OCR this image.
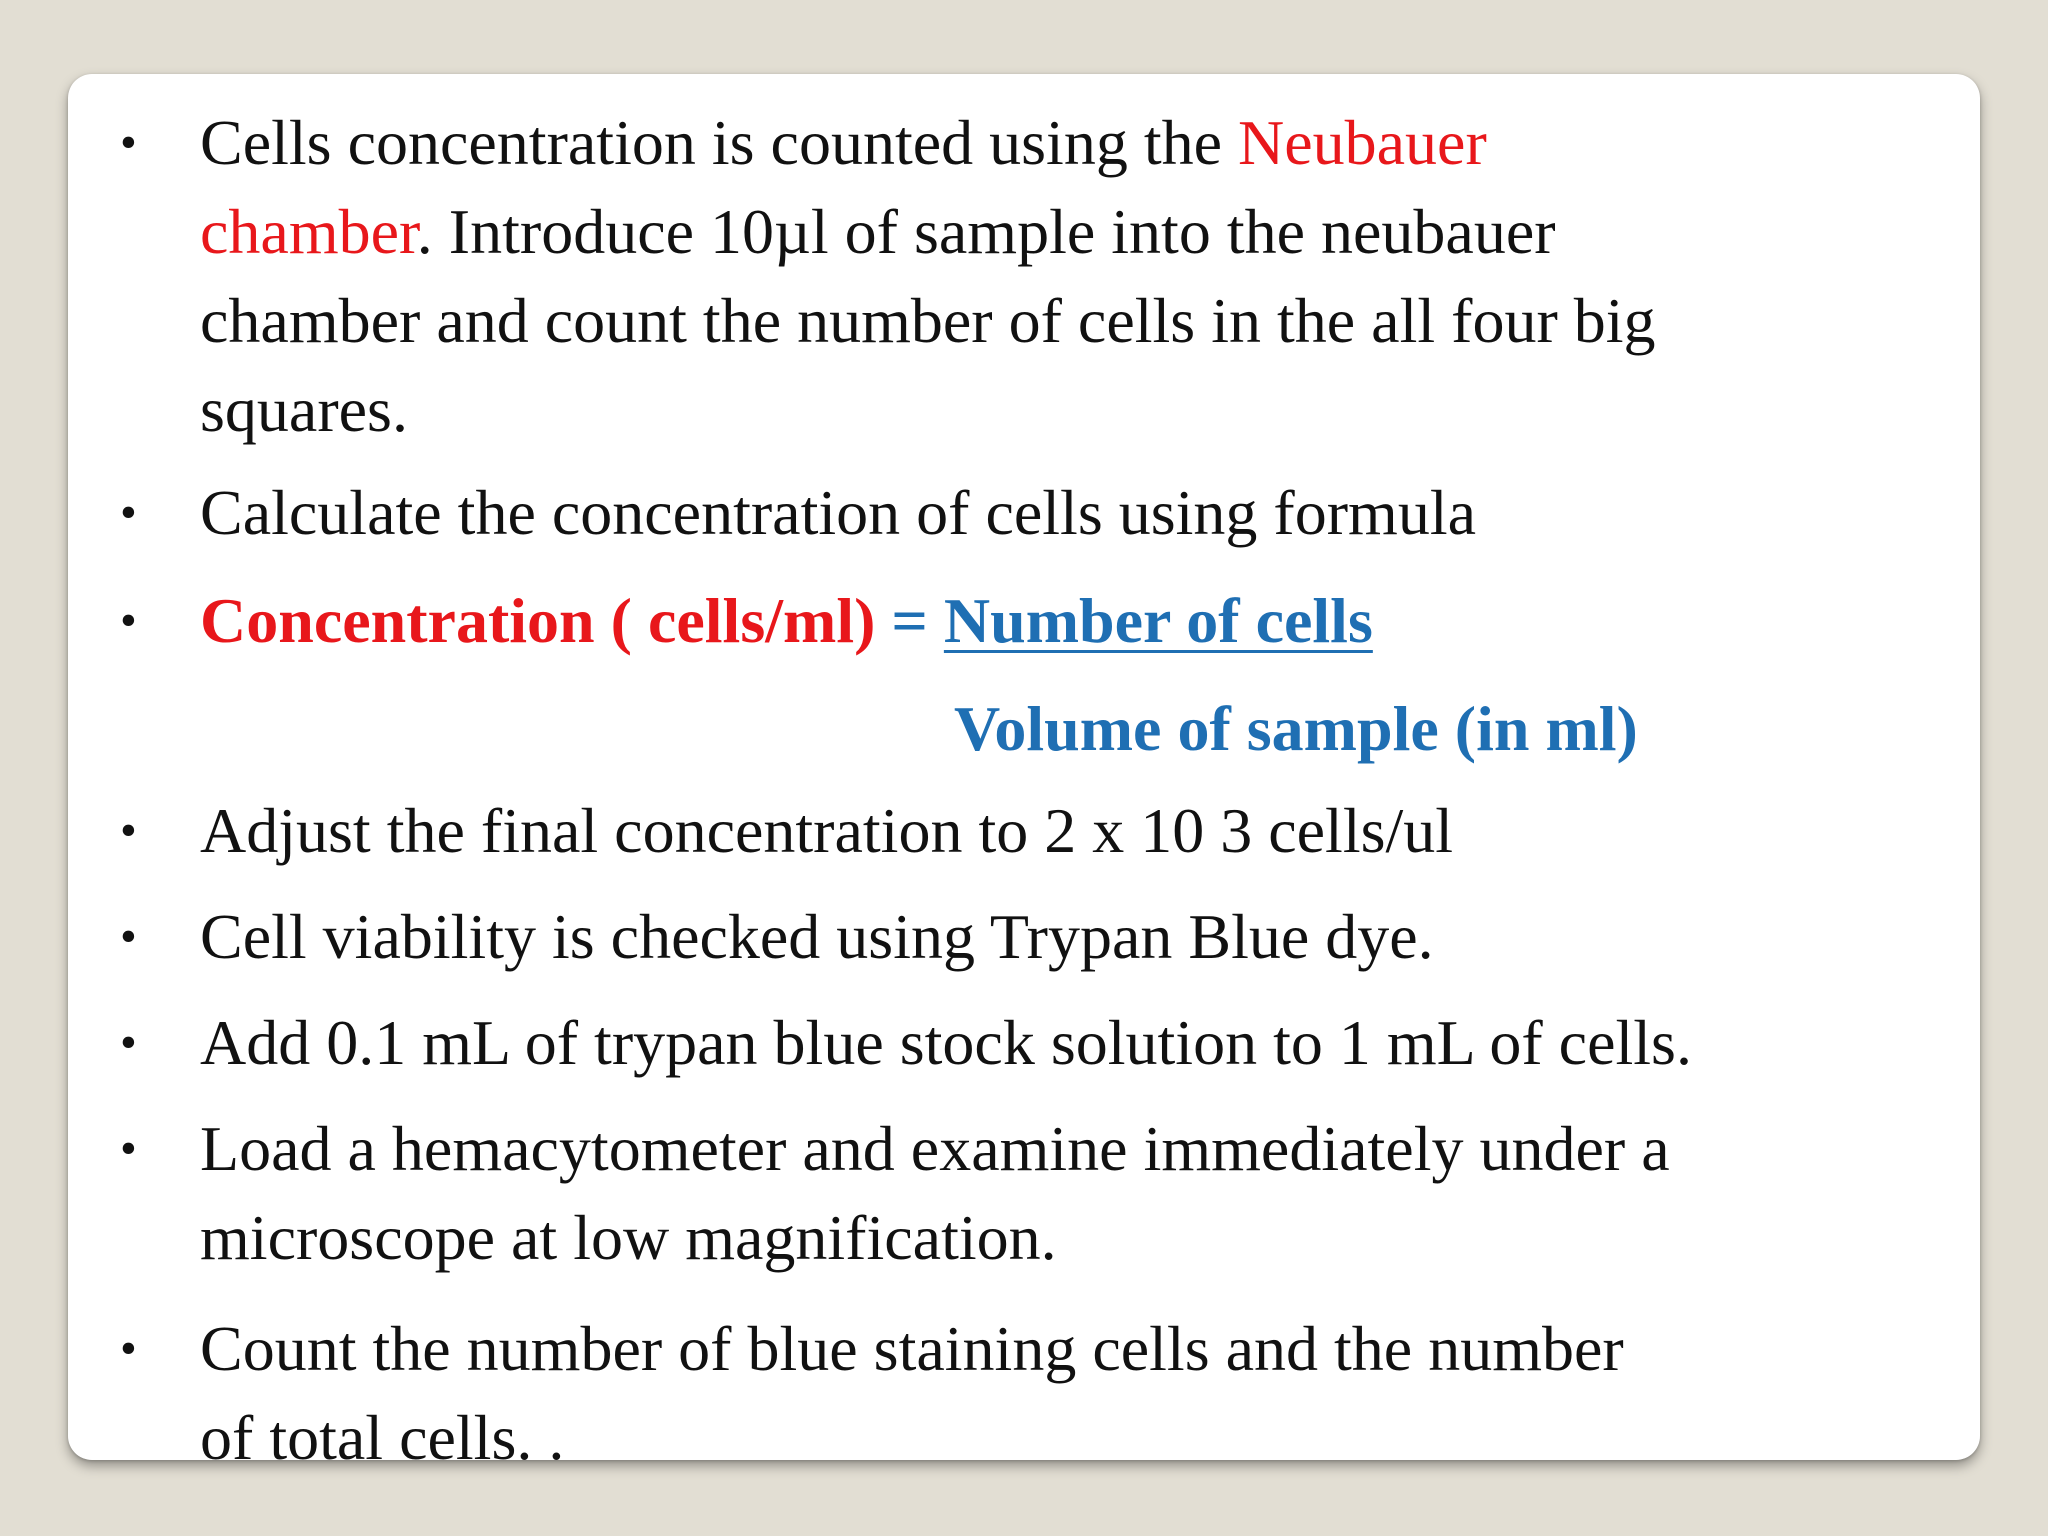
• Cells concentration is counted using the Neubauer
chamber. Introduce 10µl of sample into the neubauer
chamber and count the number of cells in the all four big
squares.
• Calculate the concentration of cells using formula
• Concentration ( cells/ml) = Number of cells
Volume of sample (in ml)
• Adjust the final concentration to 2 x 10 3 cells/ul
• Cell viability is checked using Trypan Blue dye.
• Add 0.1 mL of trypan blue stock solution to 1 mL of cells.
• Load a hemacytometer and examine immediately under a
microscope at low magnification.
• Count the number of blue staining cells and the number
of total cells. .
